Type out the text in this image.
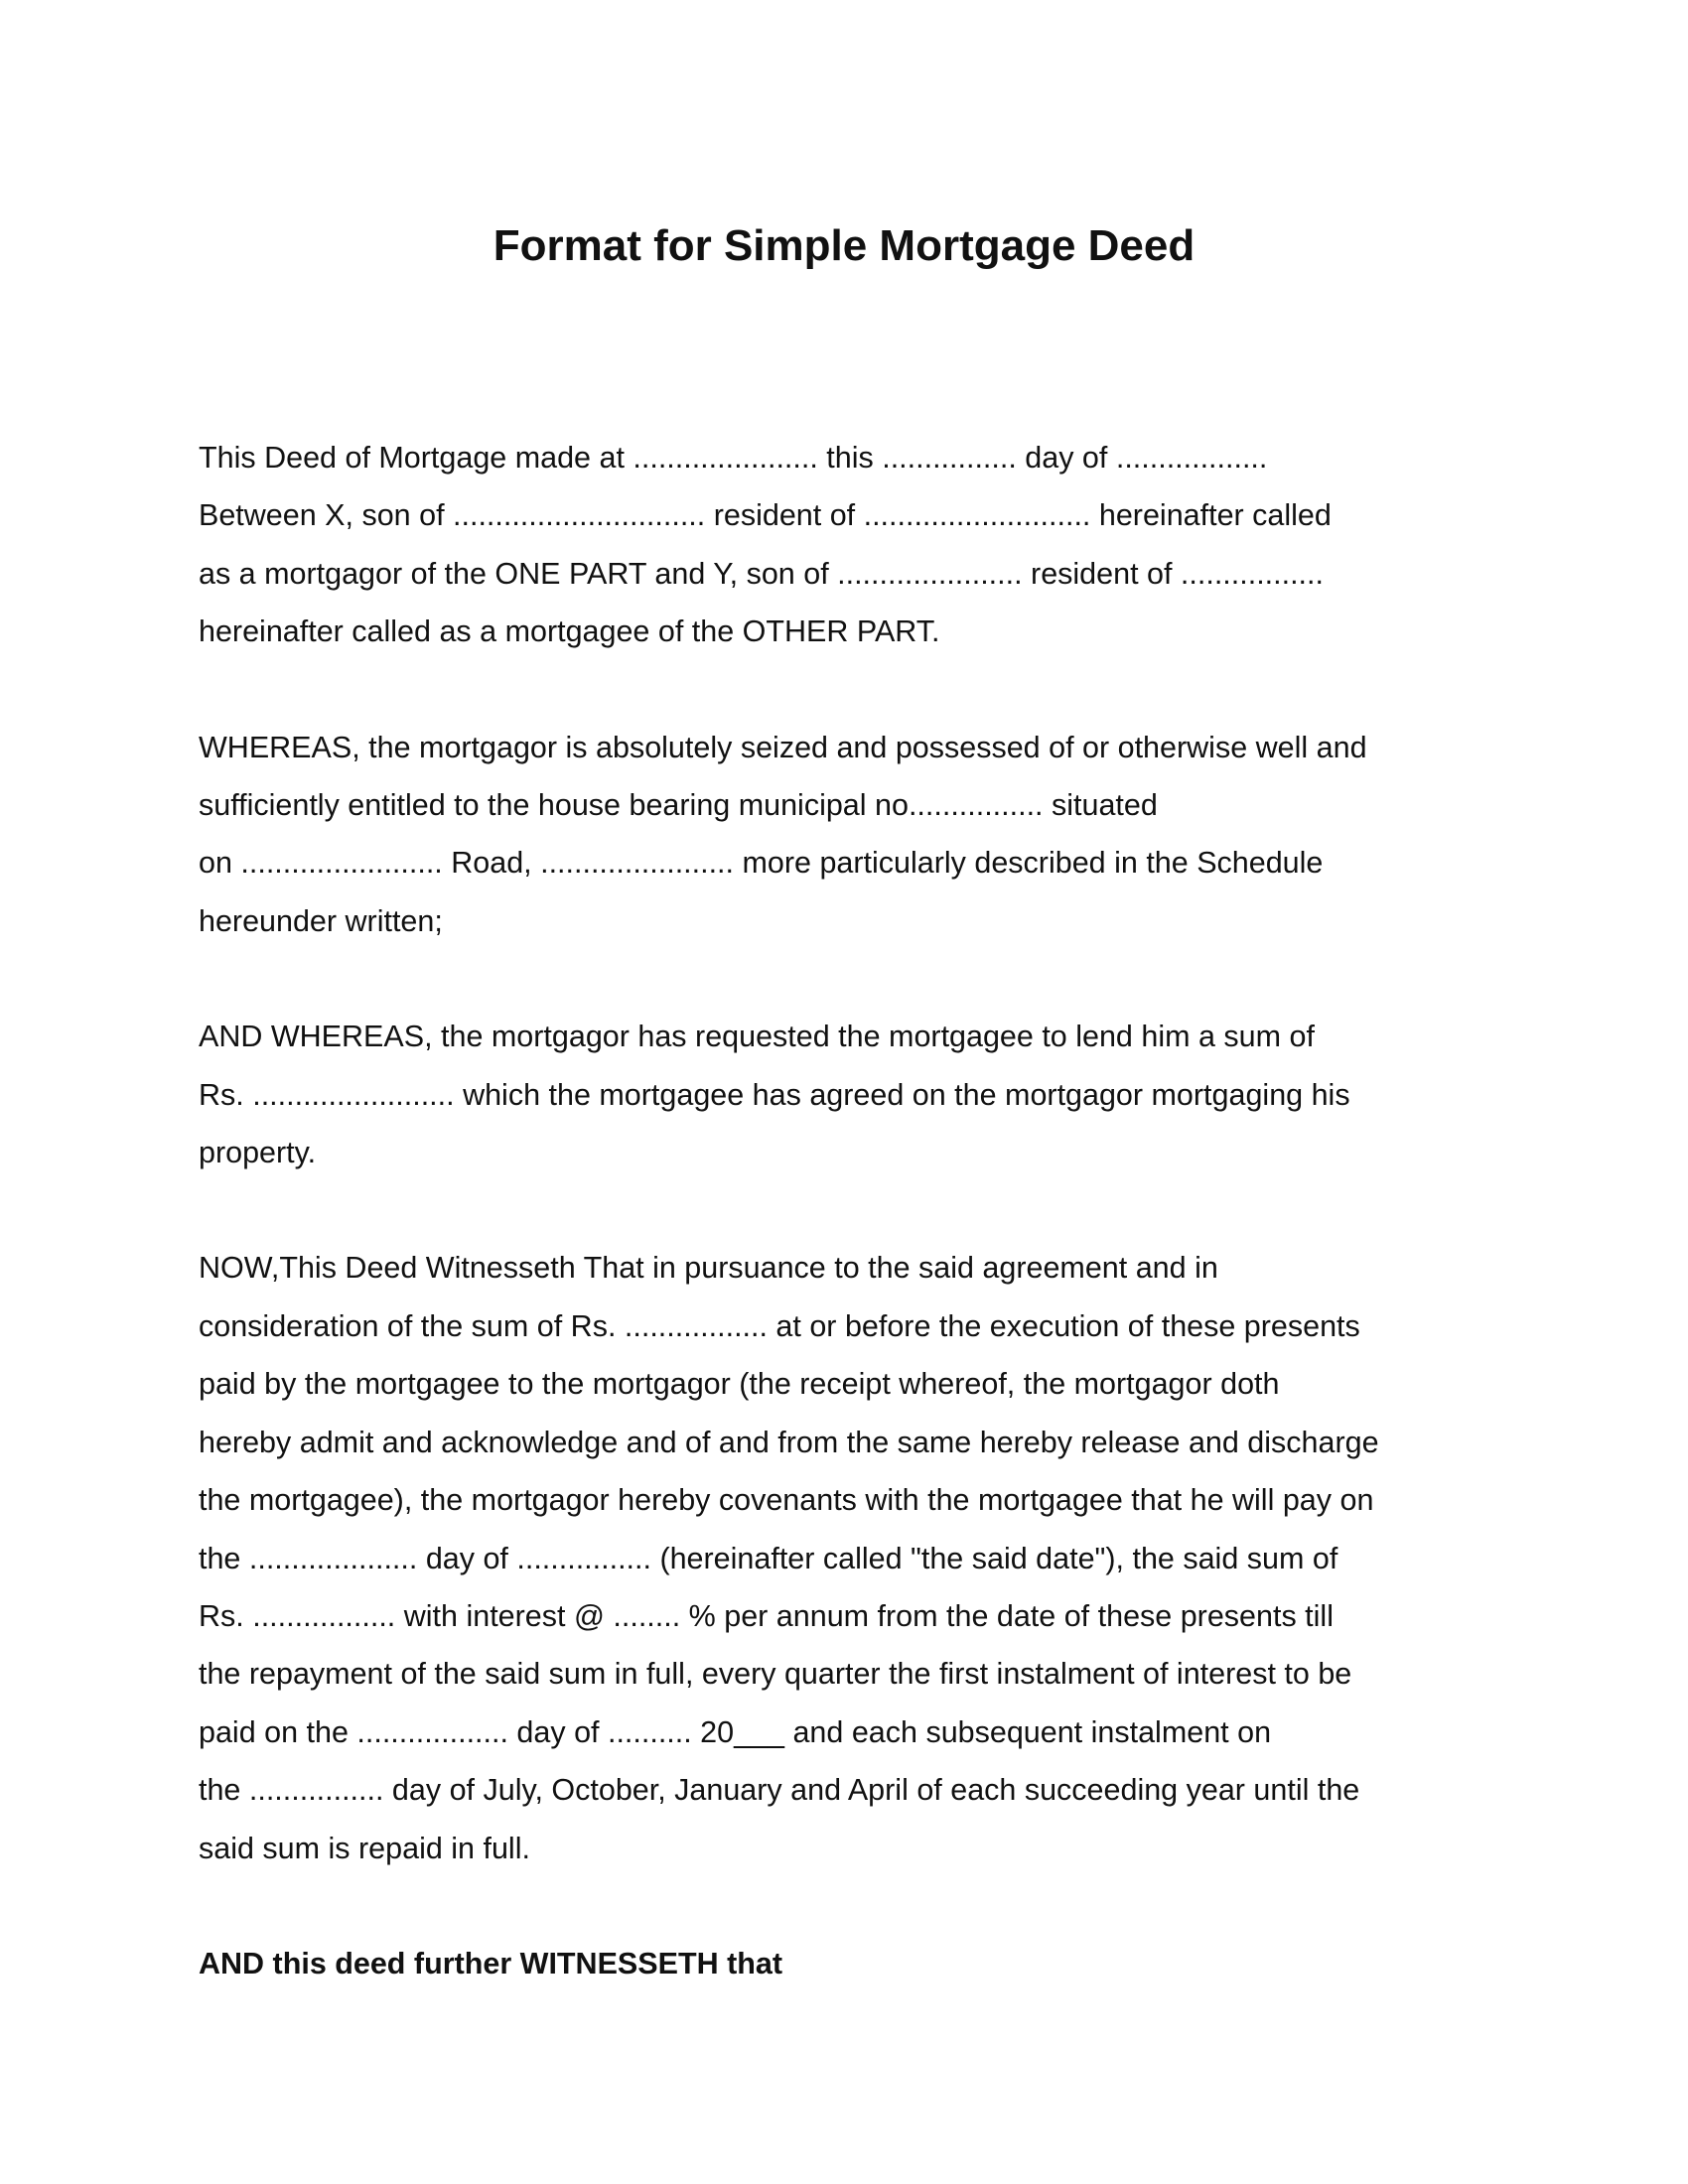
Format for Simple Mortgage Deed

This Deed of Mortgage made at ...................... this ................ day of ..................
Between X, son of .............................. resident of ........................... hereinafter called
as a mortgagor of the ONE PART and Y, son of ...................... resident of .................
hereinafter called as a mortgagee of the OTHER PART.

WHEREAS, the mortgagor is absolutely seized and possessed of or otherwise well and
sufficiently entitled to the house bearing municipal no................ situated
on ........................ Road, ....................... more particularly described in the Schedule
hereunder written;

AND WHEREAS, the mortgagor has requested the mortgagee to lend him a sum of
Rs. ........................ which the mortgagee has agreed on the mortgagor mortgaging his
property.

NOW,This Deed Witnesseth That in pursuance to the said agreement and in
consideration of the sum of Rs. ................. at or before the execution of these presents
paid by the mortgagee to the mortgagor (the receipt whereof, the mortgagor doth
hereby admit and acknowledge and of and from the same hereby release and discharge
the mortgagee), the mortgagor hereby covenants with the mortgagee that he will pay on
the .................... day of ................ (hereinafter called "the said date"), the said sum of
Rs. ................. with interest @ ........ % per annum from the date of these presents till
the repayment of the said sum in full, every quarter the first instalment of interest to be
paid on the .................. day of .......... 20___ and each subsequent instalment on
the ................ day of July, October, January and April of each succeeding year until the
said sum is repaid in full.

AND this deed further WITNESSETH that
